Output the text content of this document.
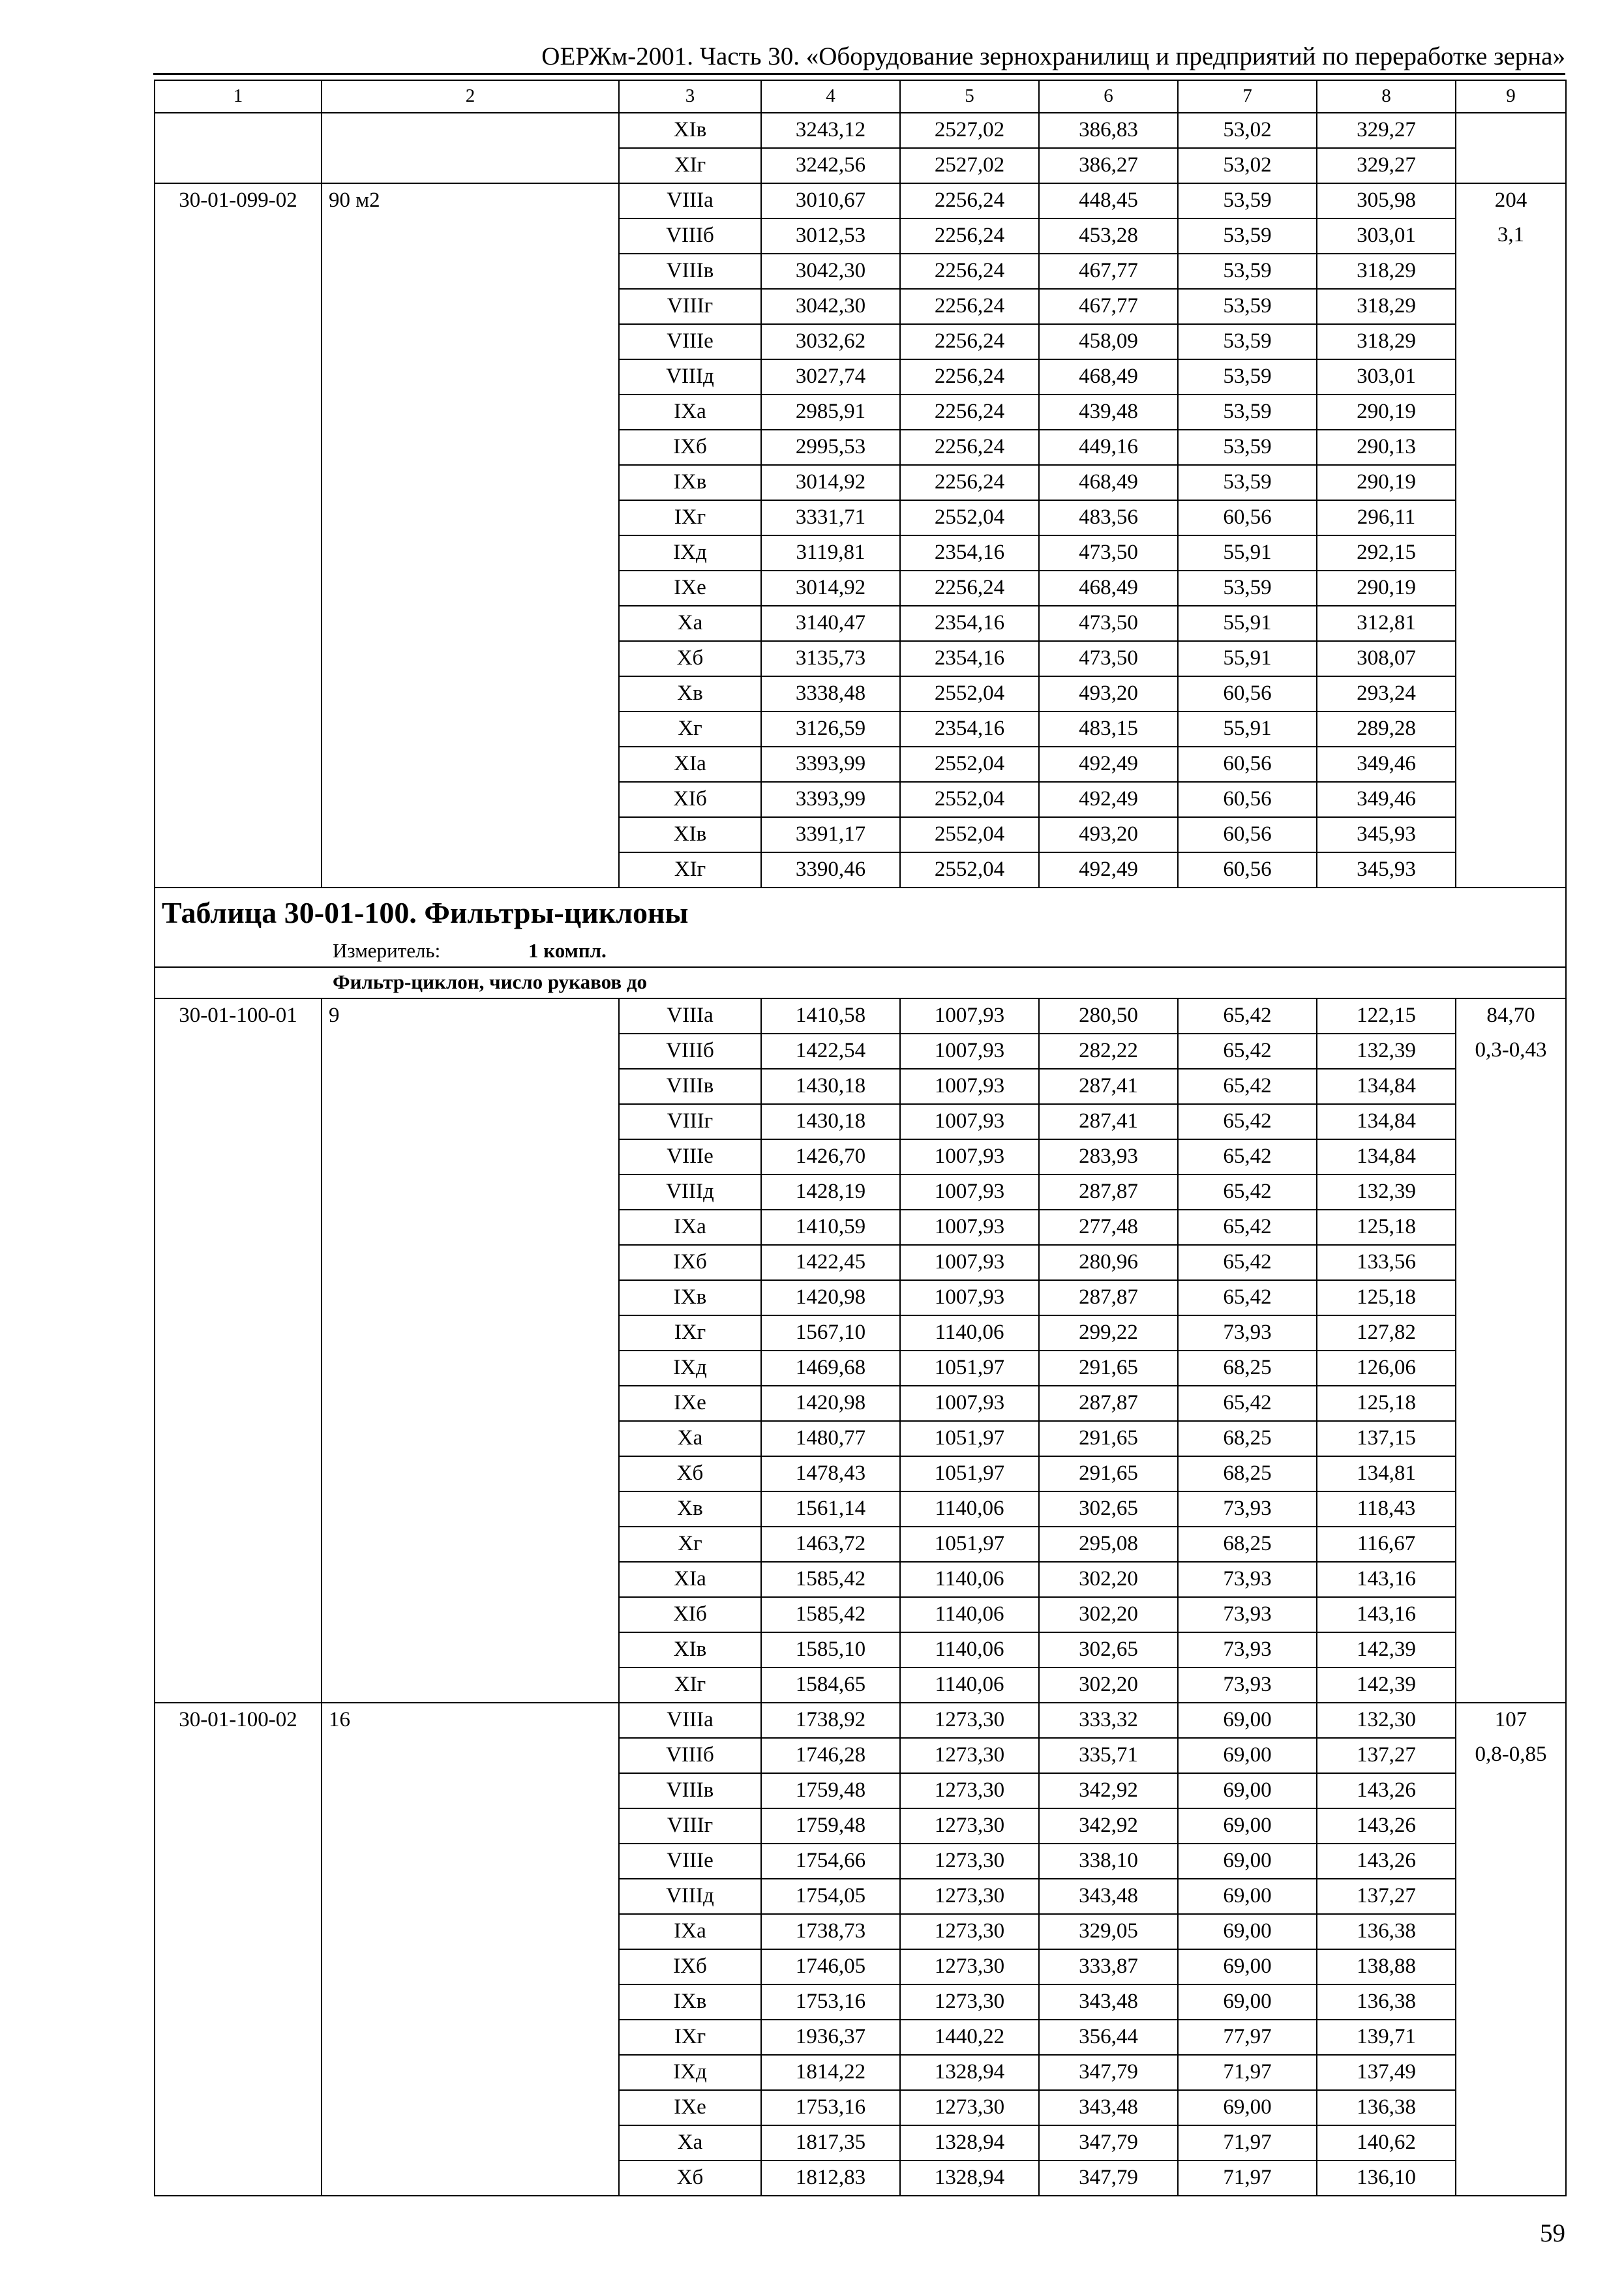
ОЕРЖм-2001. Часть 30. «Оборудование зернохранилищ и предприятий по переработке зерна»
1	2	3	4	5	6	7	8	9
		XIв	3243,12	2527,02	386,83	53,02	329,27	
		XIг	3242,56	2527,02	386,27	53,02	329,27	
30-01-099-02	90 м2	VIIIа	3010,67	2256,24	448,45	53,59	305,98	204
		VIIIб	3012,53	2256,24	453,28	53,59	303,01	3,1
		VIIIв	3042,30	2256,24	467,77	53,59	318,29	
		VIIIг	3042,30	2256,24	467,77	53,59	318,29	
		VIIIе	3032,62	2256,24	458,09	53,59	318,29	
		VIIIд	3027,74	2256,24	468,49	53,59	303,01	
		IXа	2985,91	2256,24	439,48	53,59	290,19	
		IXб	2995,53	2256,24	449,16	53,59	290,13	
		IXв	3014,92	2256,24	468,49	53,59	290,19	
		IXг	3331,71	2552,04	483,56	60,56	296,11	
		IXд	3119,81	2354,16	473,50	55,91	292,15	
		IXе	3014,92	2256,24	468,49	53,59	290,19	
		Xа	3140,47	2354,16	473,50	55,91	312,81	
		Xб	3135,73	2354,16	473,50	55,91	308,07	
		Xв	3338,48	2552,04	493,20	60,56	293,24	
		Xг	3126,59	2354,16	483,15	55,91	289,28	
		XIа	3393,99	2552,04	492,49	60,56	349,46	
		XIб	3393,99	2552,04	492,49	60,56	349,46	
		XIв	3391,17	2552,04	493,20	60,56	345,93	
		XIг	3390,46	2552,04	492,49	60,56	345,93	

Таблица 30-01-100. Фильтры-циклоны
Измеритель: 1 компл.								

Фильтр-циклон, число рукавов до								
30-01-100-01	9	VIIIа	1410,58	1007,93	280,50	65,42	122,15	84,70
		VIIIб	1422,54	1007,93	282,22	65,42	132,39	0,3-0,43
		VIIIв	1430,18	1007,93	287,41	65,42	134,84	
		VIIIг	1430,18	1007,93	287,41	65,42	134,84	
		VIIIе	1426,70	1007,93	283,93	65,42	134,84	
		VIIIд	1428,19	1007,93	287,87	65,42	132,39	
		IXа	1410,59	1007,93	277,48	65,42	125,18	
		IXб	1422,45	1007,93	280,96	65,42	133,56	
		IXв	1420,98	1007,93	287,87	65,42	125,18	
		IXг	1567,10	1140,06	299,22	73,93	127,82	
		IXд	1469,68	1051,97	291,65	68,25	126,06	
		IXе	1420,98	1007,93	287,87	65,42	125,18	
		Xа	1480,77	1051,97	291,65	68,25	137,15	
		Xб	1478,43	1051,97	291,65	68,25	134,81	
		Xв	1561,14	1140,06	302,65	73,93	118,43	
		Xг	1463,72	1051,97	295,08	68,25	116,67	
		XIа	1585,42	1140,06	302,20	73,93	143,16	
		XIб	1585,42	1140,06	302,20	73,93	143,16	
		XIв	1585,10	1140,06	302,65	73,93	142,39	
		XIг	1584,65	1140,06	302,20	73,93	142,39	
30-01-100-02	16	VIIIа	1738,92	1273,30	333,32	69,00	132,30	107
		VIIIб	1746,28	1273,30	335,71	69,00	137,27	0,8-0,85
		VIIIв	1759,48	1273,30	342,92	69,00	143,26	
		VIIIг	1759,48	1273,30	342,92	69,00	143,26	
		VIIIе	1754,66	1273,30	338,10	69,00	143,26	
		VIIIд	1754,05	1273,30	343,48	69,00	137,27	
		IXа	1738,73	1273,30	329,05	69,00	136,38	
		IXб	1746,05	1273,30	333,87	69,00	138,88	
		IXв	1753,16	1273,30	343,48	69,00	136,38	
		IXг	1936,37	1440,22	356,44	77,97	139,71	
		IXд	1814,22	1328,94	347,79	71,97	137,49	
		IXе	1753,16	1273,30	343,48	69,00	136,38	
		Xа	1817,35	1328,94	347,79	71,97	140,62	
		Xб	1812,83	1328,94	347,79	71,97	136,10	
59
